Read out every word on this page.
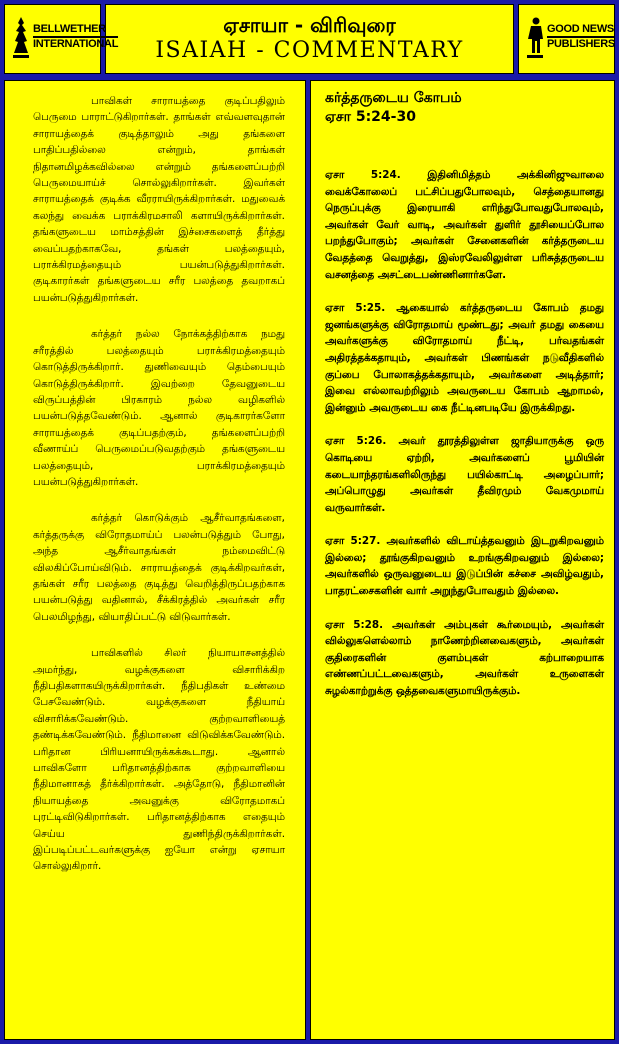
BELLWETHER
INTERNATIONAL
ஏசாயா - விரிவுரை
ISAIAH - COMMENTARY
GOOD NEWS
PUBLISHERS

பாவிகள் சாராயத்தை குடிப்பதிலும் பெருமை பாராட்டுகிறார்கள். தாங்கள் எவ்வளவுதான் சாராயத்தைக் குடித்தாலும் அது தங்களை பாதிப்பதில்லை என்றும், தாங்கள் நிதானமிழக்கவில்லை என்றும் தங்களைப்பற்றி பெருமையாய்ச் சொல்லுகிறார்கள். இவர்கள் சாராயத்தைக் குடிக்க வீரராயிருக்கிறார்கள். மதுவைக் கலந்து வைக்க பராக்கிரமசாலி களாயிருக்கிறார்கள். தங்களுடைய மாம்சத்தின் இச்சைகளைத் தீர்த்து வைப்பதற்காகவே, தங்கள் பலத்தையும், பராக்கிரமத்தையும் பயன்படுத்துகிறார்கள். குடிகாரர்கள் தங்களுடைய சரீர பலத்தை தவறாகப் பயன்படுத்துகிறார்கள்.

கர்த்தர் நல்ல நோக்கத்திற்காக நமது சரீரத்தில் பலத்தையும் பராக்கிரமத்தையும் கொடுத்திருக்கிறார். துணிவையும் தெம்பையும் கொடுத்திருக்கிறார். இவற்றை தேவனுடைய விருப்பத்தின் பிரகாரம் நல்ல வழிகளில் பயன்படுத்தவேண்டும். ஆனால் குடிகாரர்களோ சாராயத்தைக் குடிப்பதற்கும், தங்களைப்பற்றி வீணாய்ப் பெருமைப்படுவதற்கும் தங்களுடைய பலத்தையும், பராக்கிரமத்தையும் பயன்படுத்துகிறார்கள்.

கர்த்தர் கொடுக்கும் ஆசீர்வாதங்களை, கர்த்தருக்கு விரோதமாய்ப் பலன்படுத்தும் போது, அந்த ஆசீர்வாதங்கள் நம்மைவிட்டு விலகிப்போய்விடும். சாராயத்தைக் குடிக்கிறவர்கள், தங்கள் சரீர பலத்தை குடித்து வெறித்திருப்பதற்காக பயன்படுத்து வதினால், சீக்கிரத்தில் அவர்கள் சரீர பெலமிழந்து, வியாதிப்பட்டு விடுவார்கள்.

பாவிகளில் சிலர் நியாயாசனத்தில் அமர்ந்து, வழக்குகளை விசாரிக்கிற நீதிபதிகளாகயிருக்கிறார்கள். நீதிபதிகள் உண்மை பேசவேண்டும். வழக்குகளை நீதியாய் விசாரிக்கவேண்டும். குற்றவாளியைத் தண்டிக்கவேண்டும். நீதிமானை விடுவிக்கவேண்டும். பரிதான பிரியனாயிருக்கக்கூடாது. ஆனால் பாவிகளோ பரிதானத்திற்காக குற்றவாளியை நீதிமானாகத் தீர்க்கிறார்கள். அத்தோடு, நீதிமானின் நியாயத்தை அவனுக்கு விரோதமாகப் புரட்டிவிடுகிறார்கள். பரிதானத்திற்காக எதையும் செய்ய துணிந்திருக்கிறார்கள். இப்படிப்பட்டவர்களுக்கு ஐயோ என்று ஏசாயா சொல்லுகிறார்.

கர்த்தருடைய கோபம்
ஏசா 5:24-30

ஏசா 5:24. இதினிமித்தம் அக்கினிஜுவாலை வைக்கோலைப் பட்சிப்பதுபோலவும், செத்தையானது நெருப்புக்கு இரையாகி எரிந்துபோவதுபோலவும், அவர்கள் வேர் வாடி, அவர்கள் துளிர் தூசியைப்போல பறந்துபோகும்; அவர்கள் சேனைகளின் கர்த்தருடைய வேதத்தை வெறுத்து, இஸ்ரவேலிலுள்ள பரிசுத்தருடைய வசனத்தை அசட்டைபண்ணினார்களே.

ஏசா 5:25. ஆகையால் கர்த்தருடைய கோபம் தமது ஜனங்களுக்கு விரோதமாய் மூண்டது; அவர் தமது கையை அவர்களுக்கு விரோதமாய் நீட்டி, பர்வதங்கள் அதிரத்தக்கதாயும், அவர்கள் பிணங்கள் நடுவீதிகளில் குப்பை போலாகத்தக்கதாயும், அவர்களை அடித்தார்; இவை எல்லாவற்றிலும் அவருடைய கோபம் ஆறாமல், இன்னும் அவருடைய கை நீட்டினபடியே இருக்கிறது.

ஏசா 5:26. அவர் தூரத்திலுள்ள ஜாதியாருக்கு ஒரு கொடியை ஏற்றி, அவர்களைப் பூமியின் கடையாந்தரங்களிலிருந்து பயில்காட்டி அழைப்பார்; அப்பொழுது அவர்கள் தீவிரமும் வேகமுமாய் வருவார்கள்.

ஏசா 5:27. அவர்களில் விடாய்த்தவனும் இடறுகிறவனும் இல்லை; தூங்குகிறவனும் உறங்குகிறவனும் இல்லை; அவர்களில் ஒருவனுடைய இடுப்பின் கச்சை அவிழ்வதும், பாதரட்சைகளின் வார் அறுந்துபோவதும் இல்லை.

ஏசா 5:28. அவர்கள் அம்புகள் கூர்மையும், அவர்கள் வில்லுகளெல்லாம் நாணேற்றினவைகளும், அவர்கள் குதிரைகளின் குளம்புகள் கற்பாறையாக எண்ணப்பட்டவைகளும், அவர்கள் உருளைகள் சுழல்காற்றுக்கு ஒத்தவைகளுமாயிருக்கும்.
